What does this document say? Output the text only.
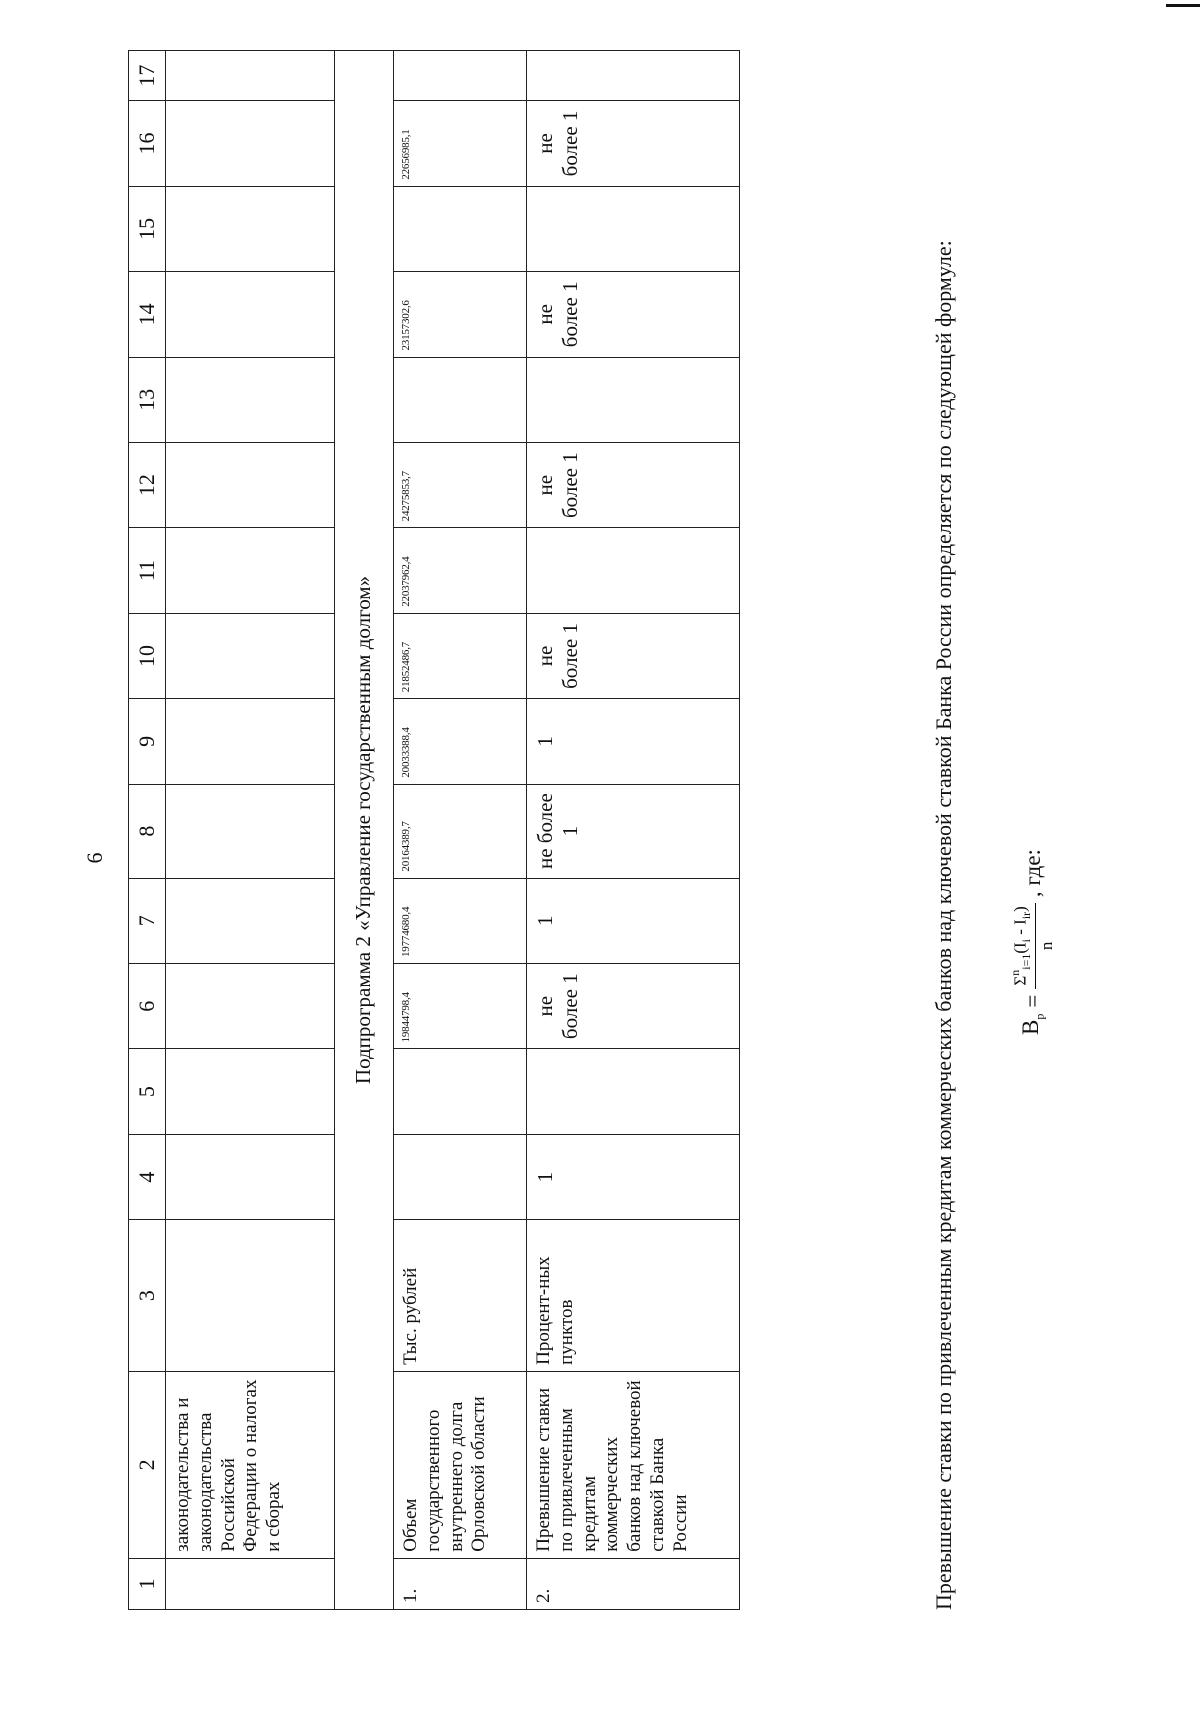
6
1	2	3	4	5	6	7	8	9	10	11	12	13	14	15	16	17
	законодательства и законодательства Российской Федерации о налогах и сборах															
Подпрограмма 2 «Управление государственным долгом»																
1.	Объем государственного внутреннего долга Орловской области	Тыс. рублей			19844798,4	19774680,4	20164389,7	20033388,4	21852486,7	22037962,4	24275853,7		23157302,6		22656985,1	
2.	Превышение ставки по привлеченным кредитам коммерческих банков над ключевой ставкой Банка России	Процент-ных пунктов	1		не более 1	1	не более 1	1	не более 1		не более 1		не более 1		не более 1	
Превышение ставки по привлеченным кредитам коммерческих банков над ключевой ставкой Банка России определяется по следующей формуле:	$В_р$
=
$\Sigma^n_{i=1}(I_i - I_{ir})$
n
, где:
